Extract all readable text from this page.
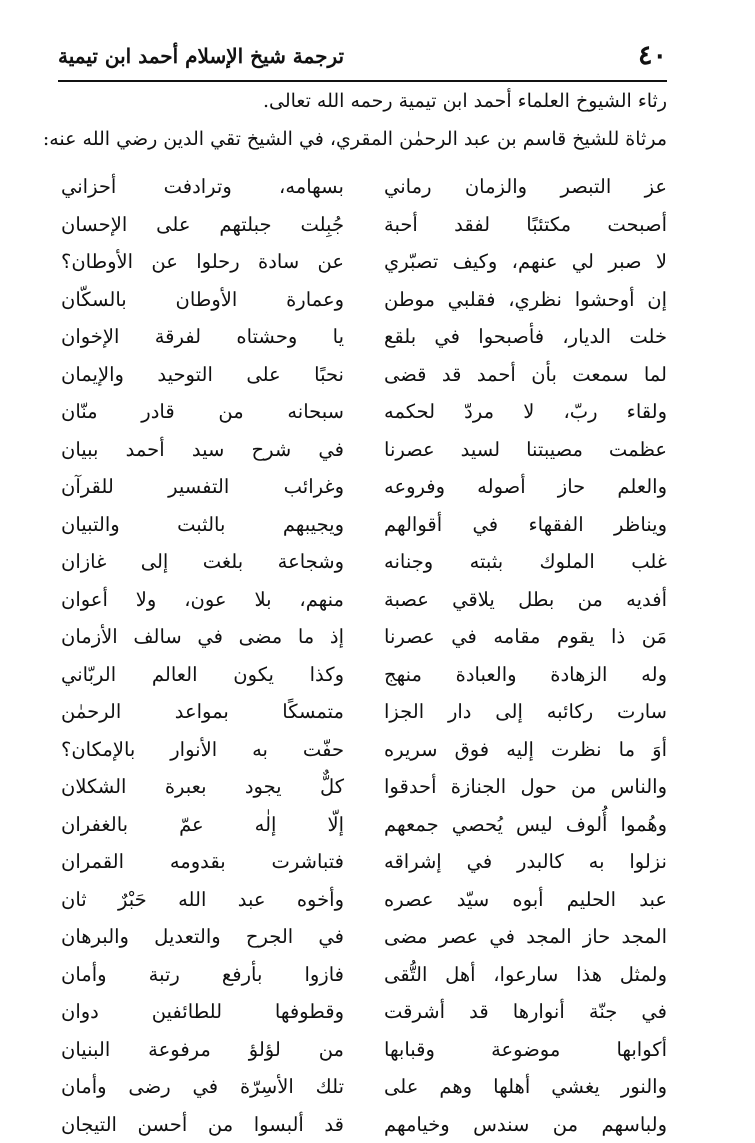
٤٠
ترجمة شيخ الإسلام أحمد ابن تيمية
رثاء الشيوخ العلماء أحمد ابن تيمية رحمه الله تعالى.
مرثاة للشيخ قاسم بن عبد الرحمٰن المقري، في الشيخ تقي الدين رضي الله عنه:
عز التبصر والزمان رماني
بسهامه، وترادفت أحزاني
أصبحت مكتئبًا لفقد أحبة
جُبِلت جبلتهم على الإحسان
لا صبر لي عنهم، وكيف تصبّري
عن سادة رحلوا عن الأوطان؟
إن أوحشوا نظري، فقلبي موطن
وعمارة الأوطان بالسكّان
خلت الديار، فأصبحوا في بلقع
يا وحشتاه لفرقة الإخوان
لما سمعت بأن أحمد قد قضى
نحبًا على التوحيد والإيمان
ولقاء ربّ، لا مردّ لحكمه
سبحانه من قادر منّان
عظمت مصيبتنا لسيد عصرنا
في شرح سيد أحمد ببيان
والعلم حاز أصوله وفروعه
وغرائب التفسير للقرآن
ويناظر الفقهاء في أقوالهم
ويجيبهم بالثبت والتبيان
غلب الملوك بثبته وجنانه
وشجاعة بلغت إلى غازان
أفديه من بطل يلاقي عصبة
منهم، بلا عون، ولا أعوان
مَن ذا يقوم مقامه في عصرنا
إذ ما مضى في سالف الأزمان
وله الزهادة والعبادة منهج
وكذا يكون العالم الربّاني
سارت ركائبه إلى دار الجزا
متمسكًا بمواعد الرحمٰن
أوَ ما نظرت إليه فوق سريره
حفّت به الأنوار بالإمكان؟
والناس من حول الجنازة أحدقوا
كلٌّ يجود بعبرة الشكلان
وهُموا أُلوف ليس يُحصي جمعهم
إلّا إلٰه عمّ بالغفران
نزلوا به كالبدر في إشراقه
فتباشرت بقدومه القمران
عبد الحليم أبوه سيّد عصره
وأخوه عبد الله حَبْرٌ ثان
المجد حاز المجد في عصر مضى
في الجرح والتعديل والبرهان
ولمثل هذا سارعوا، أهل التُّقى
فازوا بأرفع رتبة وأمان
في جنّة أنوارها قد أشرقت
وقطوفها للطائفين دوان
أكوابها موضوعة وقبابها
من لؤلؤ مرفوعة البنيان
والنور يغشي أهلها وهم على
تلك الأسِرّة في رضى وأمان
ولباسهم من سندس وخيامهم
قد ألبسوا من أحسن التيجان
